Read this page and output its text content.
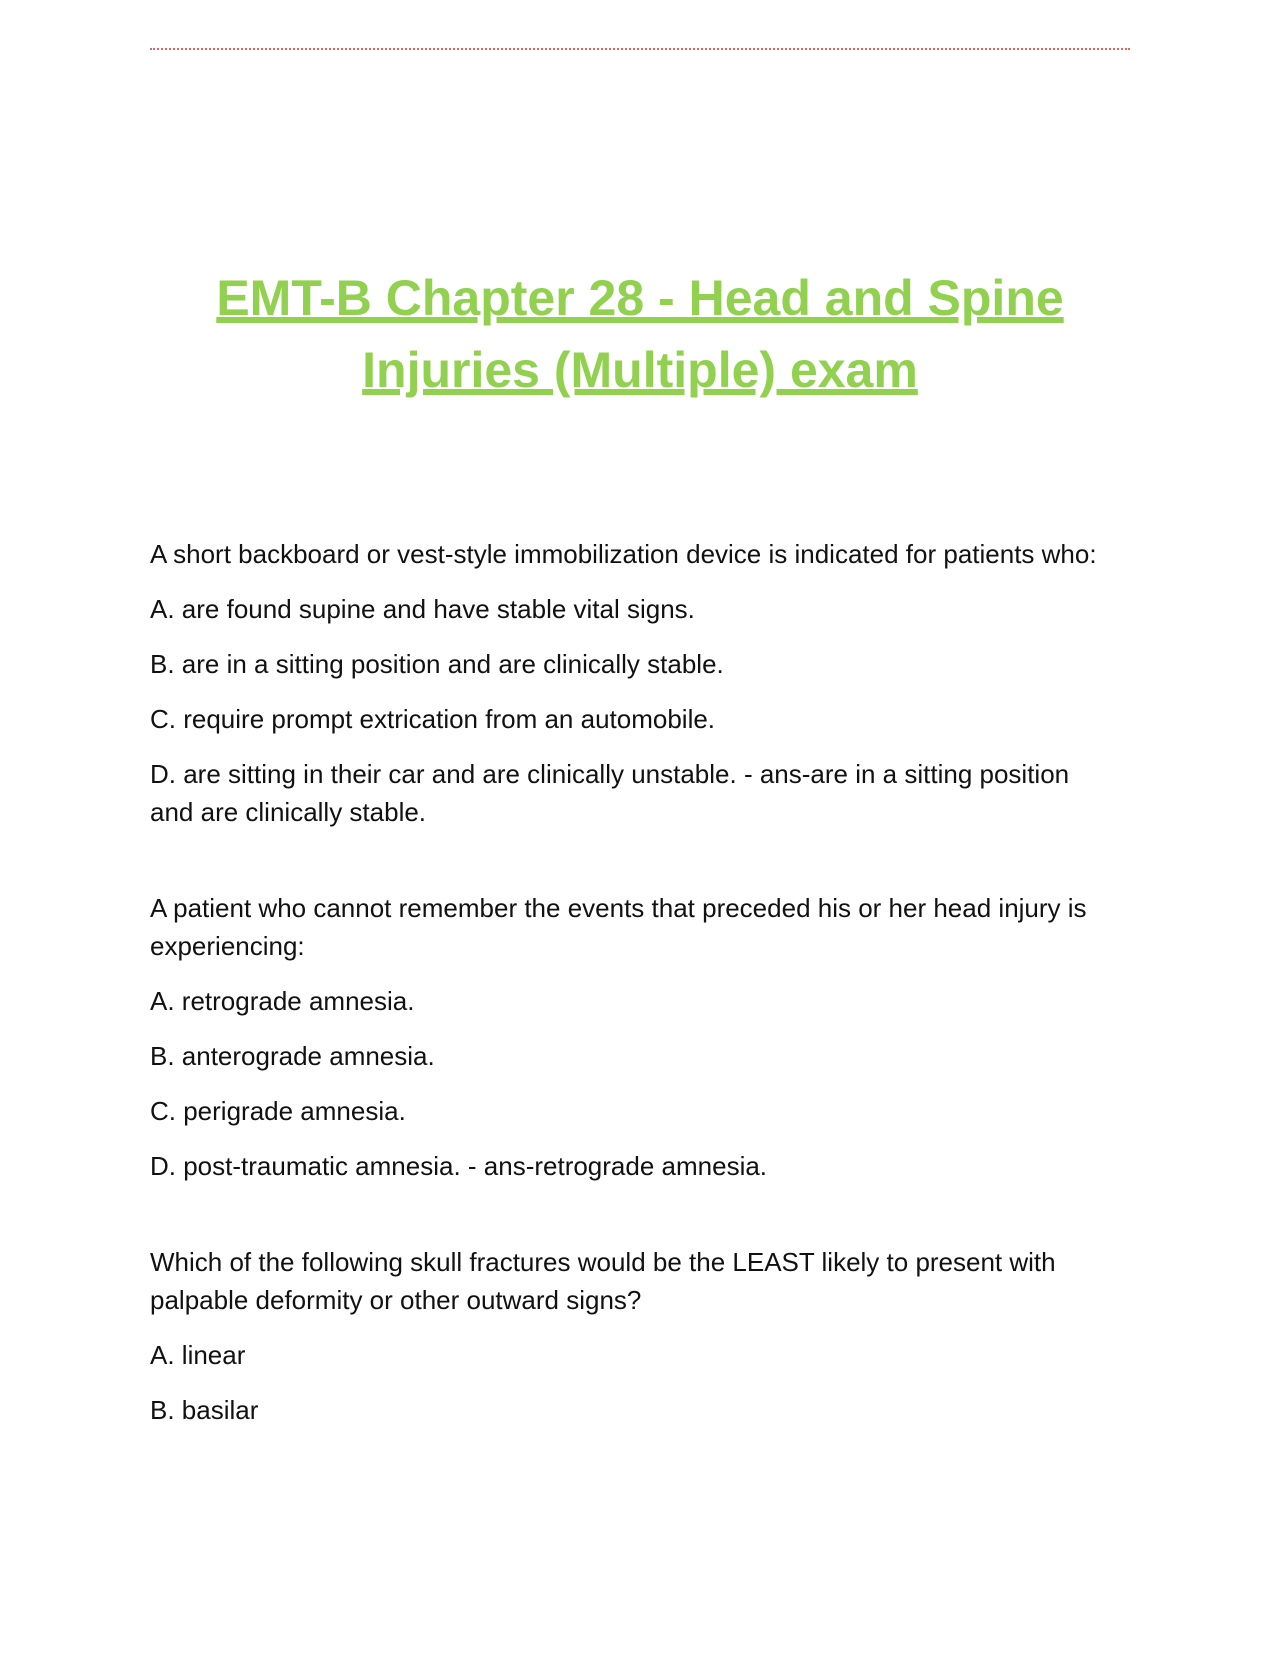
EMT-B Chapter 28 - Head and Spine Injuries (Multiple) exam

A short backboard or vest-style immobilization device is indicated for patients who:

A. are found supine and have stable vital signs.

B. are in a sitting position and are clinically stable.

C. require prompt extrication from an automobile.

D. are sitting in their car and are clinically unstable. - ans-are in a sitting position and are clinically stable.

A patient who cannot remember the events that preceded his or her head injury is experiencing:

A. retrograde amnesia.

B. anterograde amnesia.

C. perigrade amnesia.

D. post-traumatic amnesia. - ans-retrograde amnesia.

Which of the following skull fractures would be the LEAST likely to present with palpable deformity or other outward signs?

A. linear

B. basilar
